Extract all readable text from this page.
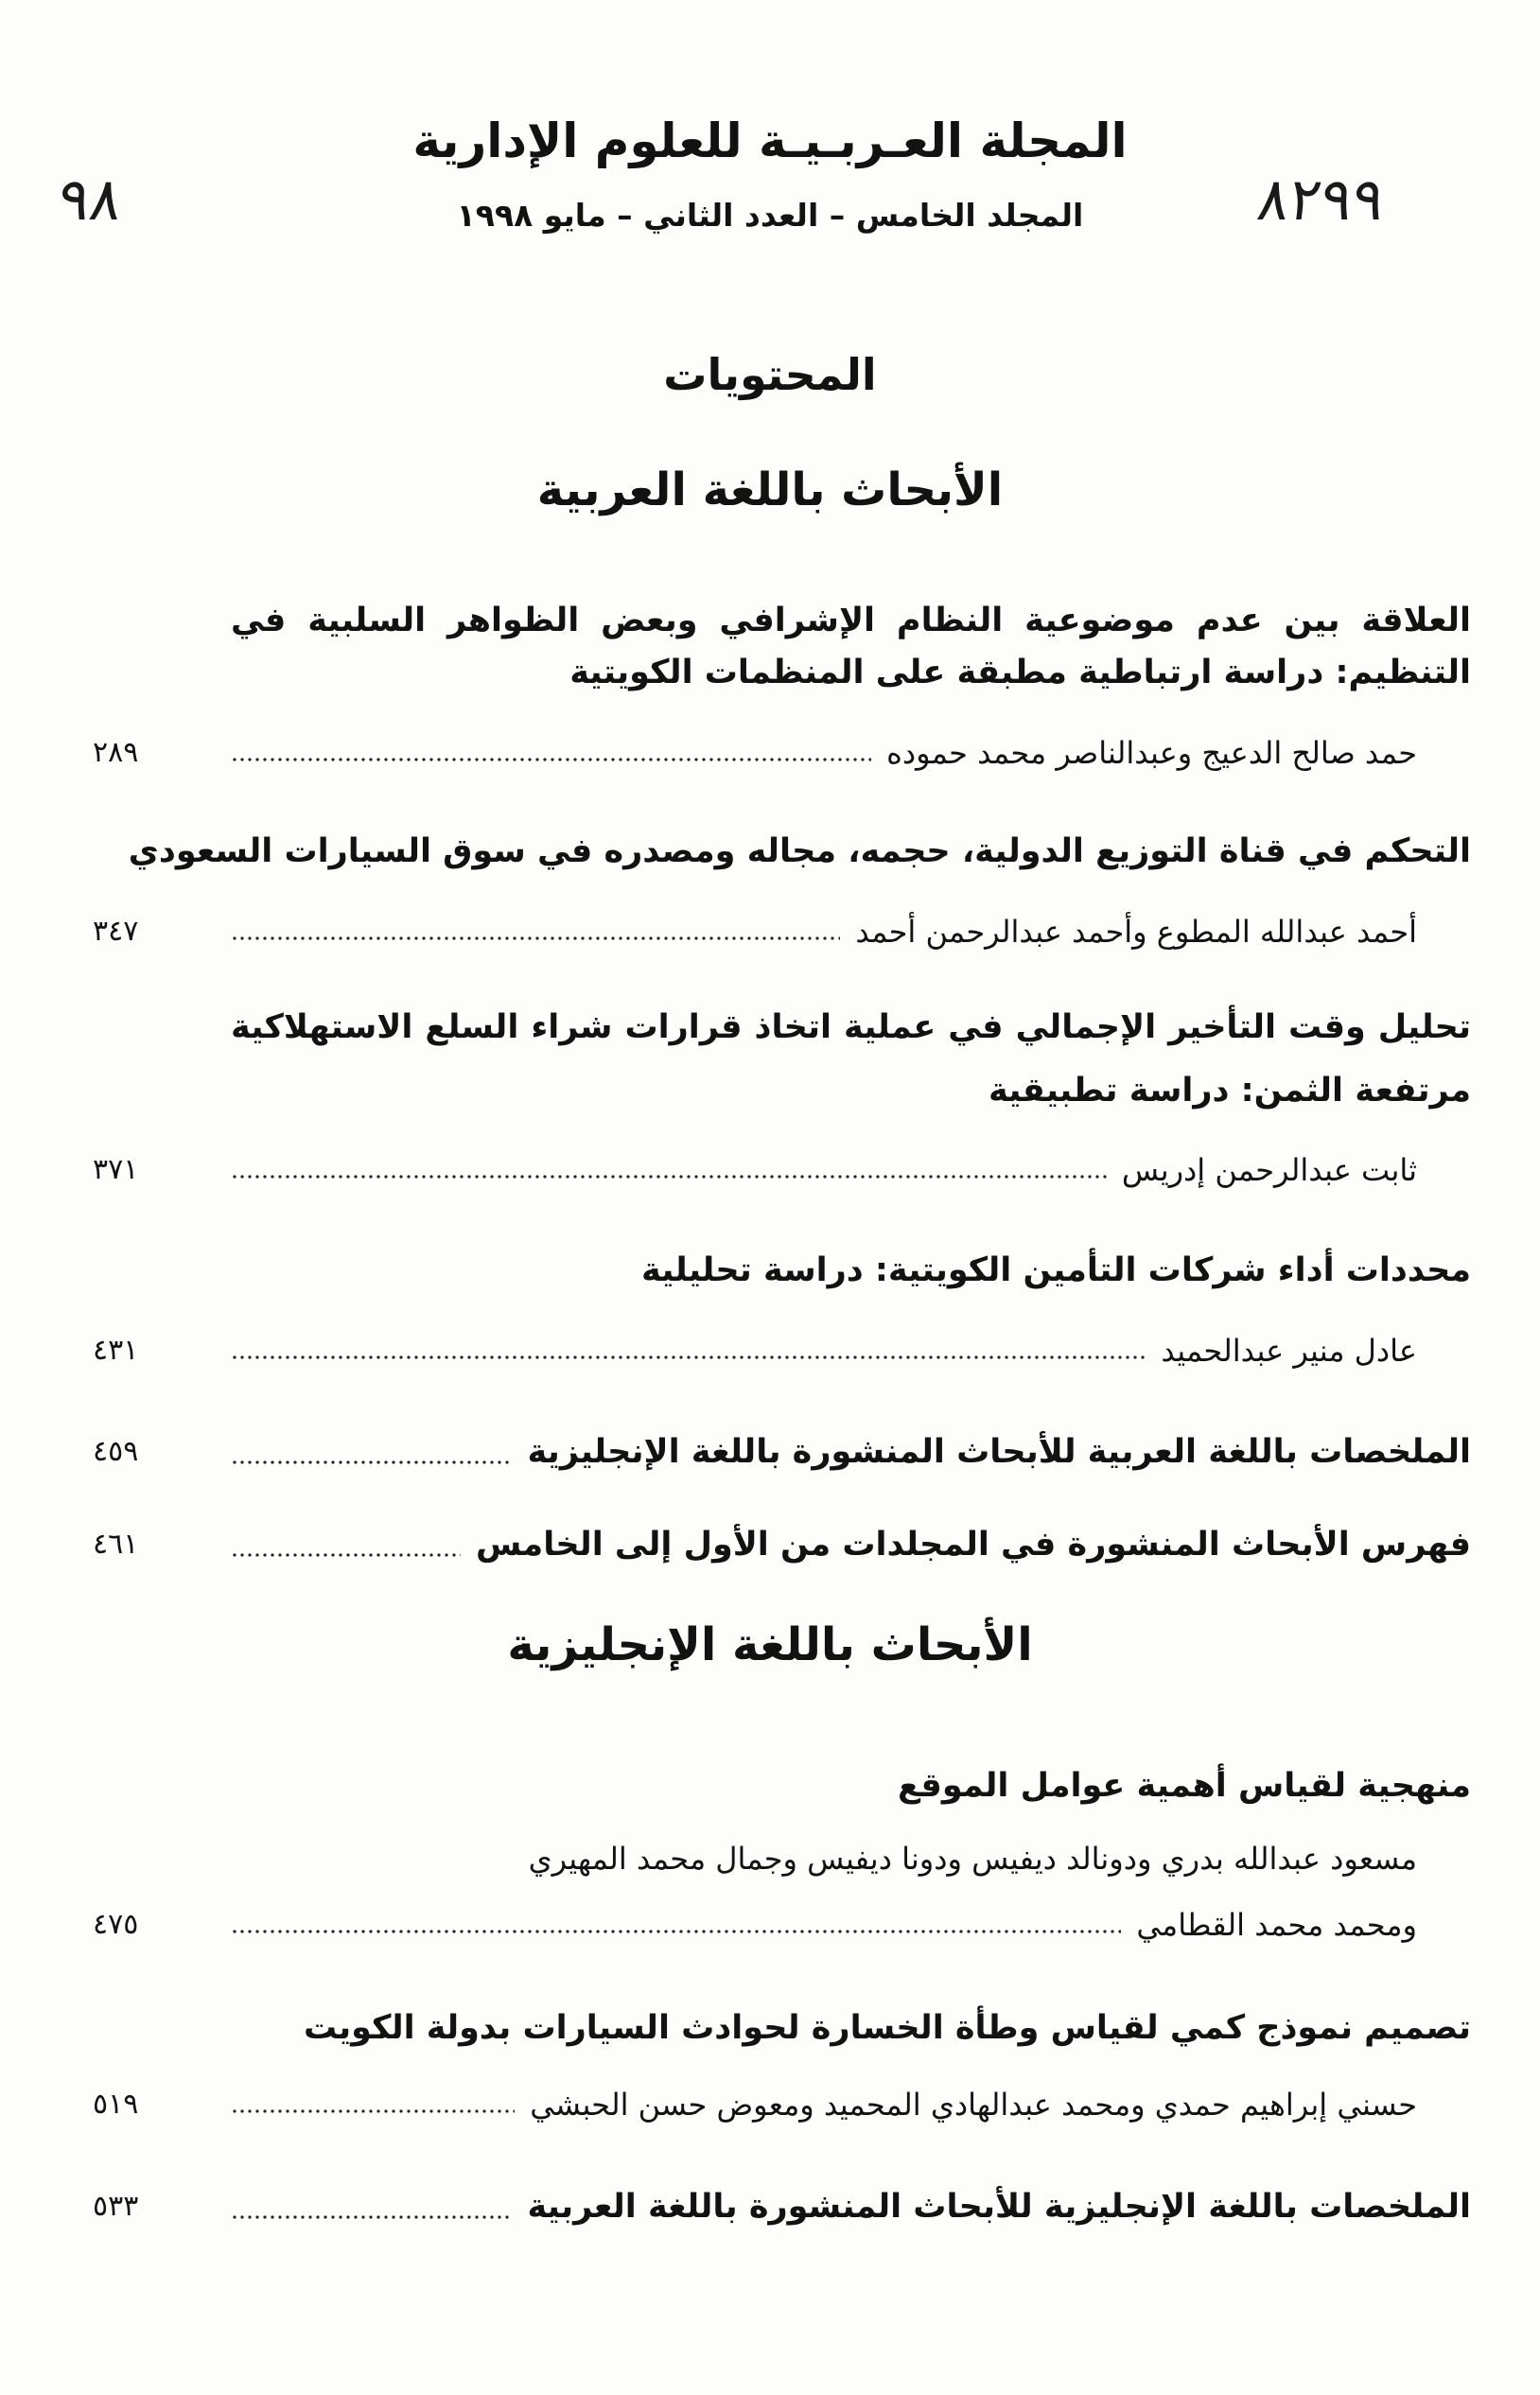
المجلة العـربـيـة للعلوم الإدارية
المجلد الخامس – العدد الثاني – مايو ١٩٩٨
٩٨	٨٢٩٩
المحتويات
الأبحاث باللغة العربية
العلاقة بين عدم موضوعية النظام الإشرافي وبعض الظواهر السلبية في
التنظيم: دراسة ارتباطية مطبقة على المنظمات الكويتية
حمد صالح الدعيج وعبدالناصر محمد حموده
٢٨٩
التحكم في قناة التوزيع الدولية، حجمه، مجاله ومصدره في سوق السيارات السعودي
أحمد عبدالله المطوع وأحمد عبدالرحمن أحمد
٣٤٧
تحليل وقت التأخير الإجمالي في عملية اتخاذ قرارات شراء السلع الاستهلاكية
مرتفعة الثمن: دراسة تطبيقية
ثابت عبدالرحمن إدريس
٣٧١
محددات أداء شركات التأمين الكويتية: دراسة تحليلية
عادل منير عبدالحميد
٤٣١
الملخصات باللغة العربية للأبحاث المنشورة باللغة الإنجليزية
٤٥٩
فهرس الأبحاث المنشورة في المجلدات من الأول إلى الخامس
٤٦١
الأبحاث باللغة الإنجليزية
منهجية لقياس أهمية عوامل الموقع
مسعود عبدالله بدري ودونالد ديفيس ودونا ديفيس وجمال محمد المهيري
ومحمد محمد القطامي
٤٧٥
تصميم نموذج كمي لقياس وطأة الخسارة لحوادث السيارات بدولة الكويت
حسني إبراهيم حمدي ومحمد عبدالهادي المحميد ومعوض حسن الحبشي
٥١٩
الملخصات باللغة الإنجليزية للأبحاث المنشورة باللغة العربية
٥٣٣
